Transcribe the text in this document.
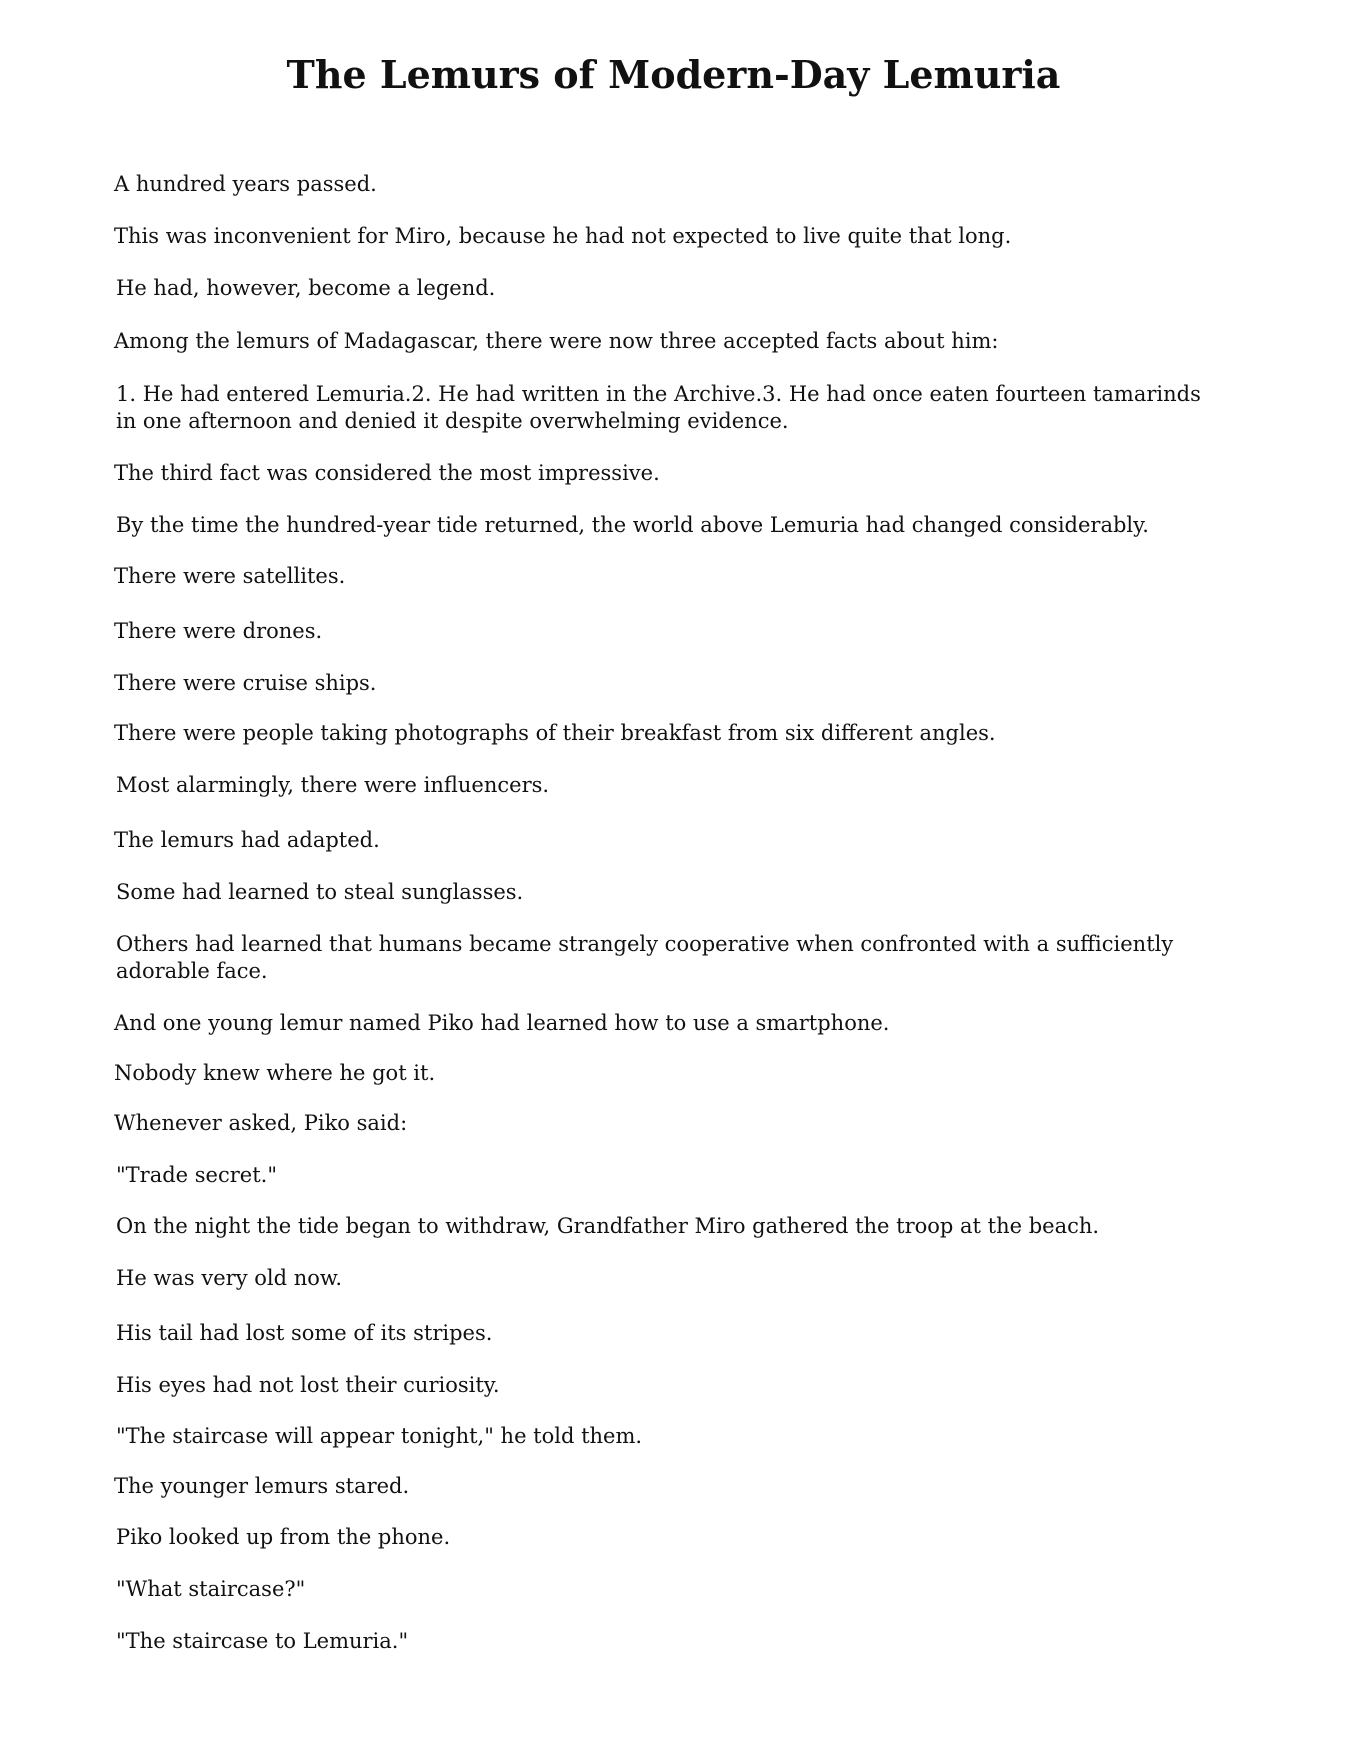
The Lemurs of Modern-Day Lemuria

A hundred years passed.

This was inconvenient for Miro, because he had not expected to live quite that long.

He had, however, become a legend.

Among the lemurs of Madagascar, there were now three accepted facts about him:

1. He had entered Lemuria.2. He had written in the Archive.3. He had once eaten fourteen tamarinds in one afternoon and denied it despite overwhelming evidence.

The third fact was considered the most impressive.

By the time the hundred-year tide returned, the world above Lemuria had changed considerably.

There were satellites.

There were drones.

There were cruise ships.

There were people taking photographs of their breakfast from six different angles.

Most alarmingly, there were influencers.

The lemurs had adapted.

Some had learned to steal sunglasses.

Others had learned that humans became strangely cooperative when confronted with a sufficiently adorable face.

And one young lemur named Piko had learned how to use a smartphone.

Nobody knew where he got it.

Whenever asked, Piko said:

"Trade secret."

On the night the tide began to withdraw, Grandfather Miro gathered the troop at the beach.

He was very old now.

His tail had lost some of its stripes.

His eyes had not lost their curiosity.

"The staircase will appear tonight," he told them.

The younger lemurs stared.

Piko looked up from the phone.

"What staircase?"

"The staircase to Lemuria."
